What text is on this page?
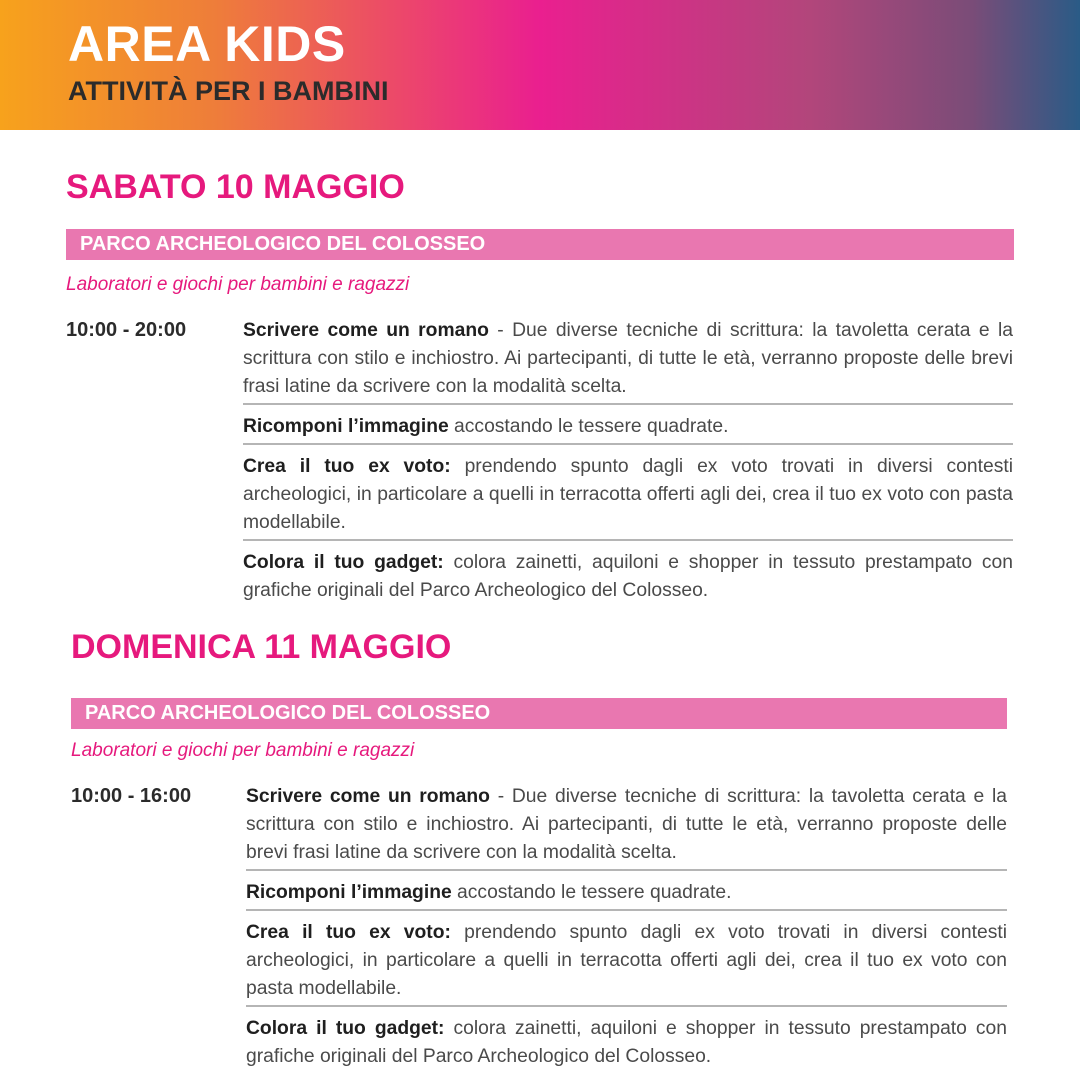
AREA KIDS
ATTIVITÀ PER I BAMBINI
SABATO 10 MAGGIO
PARCO ARCHEOLOGICO DEL COLOSSEO
Laboratori e giochi per bambini e ragazzi
10:00 - 20:00	Scrivere come un romano - Due diverse tecniche di scrittura: la tavoletta cerata e la scrittura con stilo e inchiostro. Ai partecipanti, di tutte le età, verranno proposte delle brevi frasi latine da scrivere con la modalità scelta.
Ricomponi l’immagine accostando le tessere quadrate.
Crea il tuo ex voto: prendendo spunto dagli ex voto trovati in diversi contesti archeologici, in particolare a quelli in terracotta offerti agli dei, crea il tuo ex voto con pasta modellabile.
Colora il tuo gadget: colora zainetti, aquiloni e shopper in tessuto prestampato con grafiche originali del Parco Archeologico del Colosseo.
DOMENICA 11 MAGGIO
PARCO ARCHEOLOGICO DEL COLOSSEO
Laboratori e giochi per bambini e ragazzi
10:00 - 16:00	Scrivere come un romano - Due diverse tecniche di scrittura: la tavoletta cerata e la scrittura con stilo e inchiostro. Ai partecipanti, di tutte le età, verranno proposte delle brevi frasi latine da scrivere con la modalità scelta.
Ricomponi l’immagine accostando le tessere quadrate.
Crea il tuo ex voto: prendendo spunto dagli ex voto trovati in diversi contesti archeologici, in particolare a quelli in terracotta offerti agli dei, crea il tuo ex voto con pasta modellabile.
Colora il tuo gadget: colora zainetti, aquiloni e shopper in tessuto prestampato con grafiche originali del Parco Archeologico del Colosseo.
